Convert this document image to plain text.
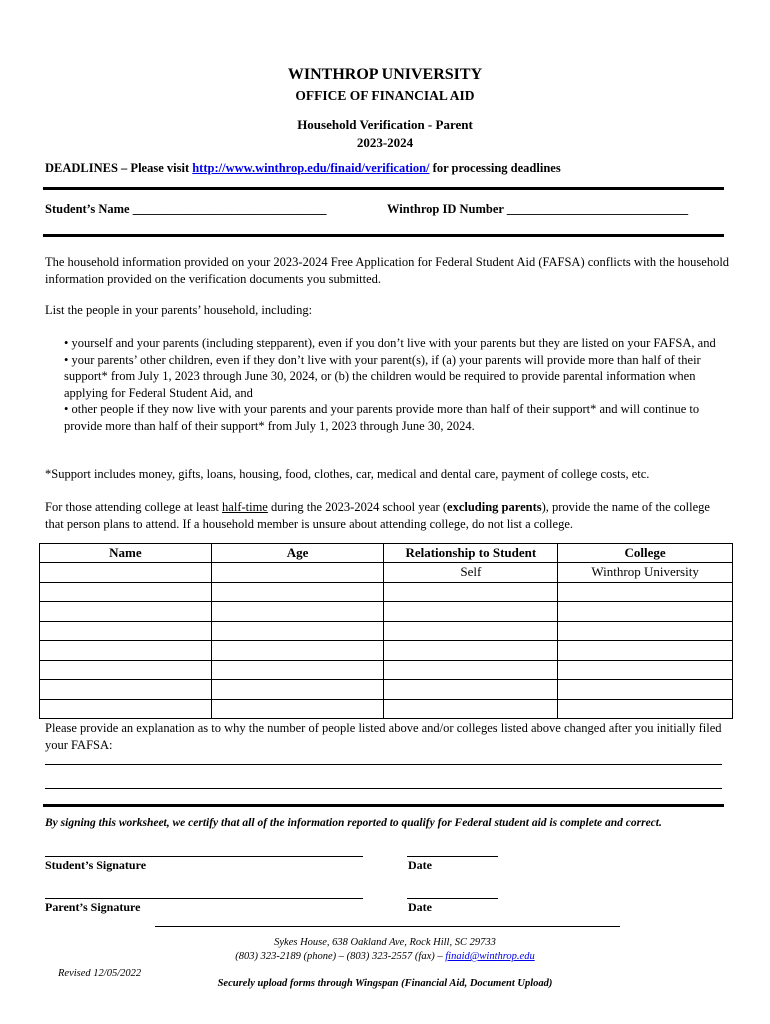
WINTHROP UNIVERSITY
OFFICE OF FINANCIAL AID
Household Verification - Parent
2023-2024
DEADLINES – Please visit http://www.winthrop.edu/finaid/verification/ for processing deadlines
Student’s Name _______________________________	Winthrop ID Number _____________________________

The household information provided on your 2023-2024 Free Application for Federal Student Aid (FAFSA) conflicts with the household information provided on the verification documents you submitted.

List the people in your parents’ household, including:

• yourself and your parents (including stepparent), even if you don’t live with your parents but they are listed on your FAFSA, and

• your parents’ other children, even if they don’t live with your parent(s), if (a) your parents will provide more than half of their support* from July 1, 2023 through June 30, 2024, or (b) the children would be required to provide parental information when applying for Federal Student Aid, and

• other people if they now live with your parents and your parents provide more than half of their support* and will continue to provide more than half of their support* from July 1, 2023 through June 30, 2024.

*Support includes money, gifts, loans, housing, food, clothes, car, medical and dental care, payment of college costs, etc.

For those attending college at least half-time during the 2023-2024 school year (excluding parents), provide the name of the college that person plans to attend. If a household member is unsure about attending college, do not list a college.

Name	Age	Relationship to Student	College
		Self	Winthrop University

Please provide an explanation as to why the number of people listed above and/or colleges listed above changed after you initially filed your FAFSA:

By signing this worksheet, we certify that all of the information reported to qualify for Federal student aid is complete and correct.
Student’s Signature	Date
Parent’s Signature	Date
Sykes House, 638 Oakland Ave, Rock Hill, SC 29733
(803) 323-2189 (phone) – (803) 323-2557 (fax) – finaid@winthrop.edu
Revised 12/05/2022
Securely upload forms through Wingspan (Financial Aid, Document Upload)
